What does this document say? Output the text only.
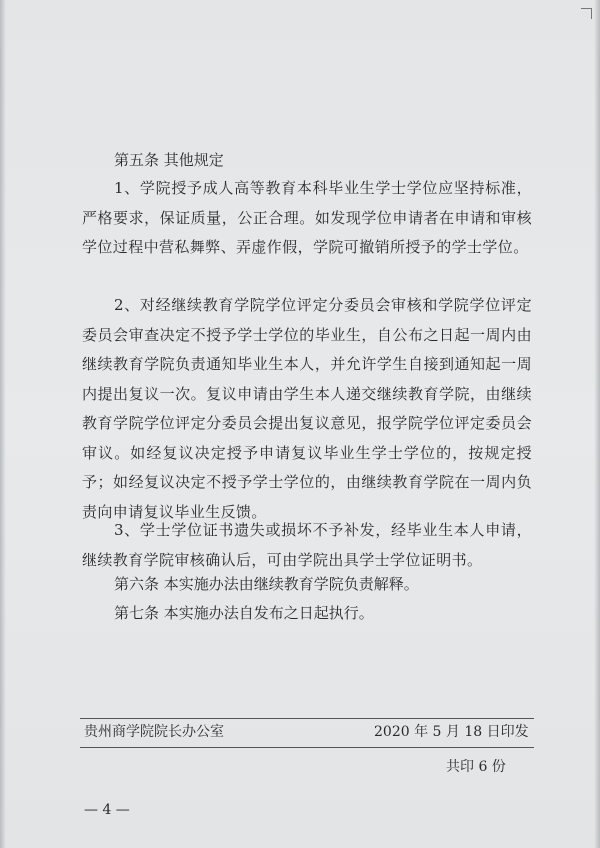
第五条 其他规定

1、学院授予成人高等教育本科毕业生学士学位应坚持标准，严格要求，保证质量，公正合理。如发现学位申请者在申请和审核学位过程中营私舞弊、弄虚作假，学院可撤销所授予的学士学位。

2、对经继续教育学院学位评定分委员会审核和学院学位评定委员会审查决定不授予学士学位的毕业生，自公布之日起一周内由继续教育学院负责通知毕业生本人，并允许学生自接到通知起一周内提出复议一次。复议申请由学生本人递交继续教育学院，由继续教育学院学位评定分委员会提出复议意见，报学院学位评定委员会审议。如经复议决定授予申请复议毕业生学士学位的，按规定授予；如经复议决定不授予学士学位的，由继续教育学院在一周内负责向申请复议毕业生反馈。

3、学士学位证书遗失或损坏不予补发，经毕业生本人申请，继续教育学院审核确认后，可由学院出具学士学位证明书。

第六条 本实施办法由继续教育学院负责解释。

第七条 本实施办法自发布之日起执行。

贵州商学院院长办公室	2020 年 5 月 18 日印发

共印 6 份

— 4 —
